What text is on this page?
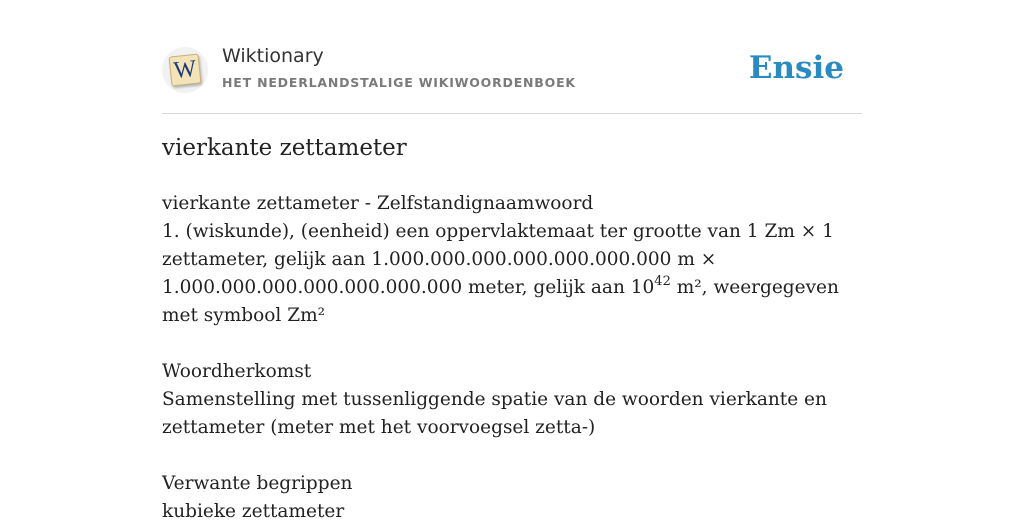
W Wiktionary
HET NEDERLANDSTALIGE WIKIWOORDENBOEK	Ensie
vierkante zettameter

vierkante zettameter - Zelfstandignaamwoord

1. (wiskunde), (eenheid) een oppervlaktemaat ter grootte van 1 Zm × 1 zettameter, gelijk aan 1.000.000.000.000.000.000.000 m × 1.000.000.000.000.000.000.000 meter, gelijk aan $10^{42}$ m², weergegeven met symbool Zm²

Woordherkomst

Samenstelling met tussenliggende spatie van de woorden vierkante en zettameter (meter met het voorvoegsel zetta-)

Verwante begrippen

kubieke zettameter
